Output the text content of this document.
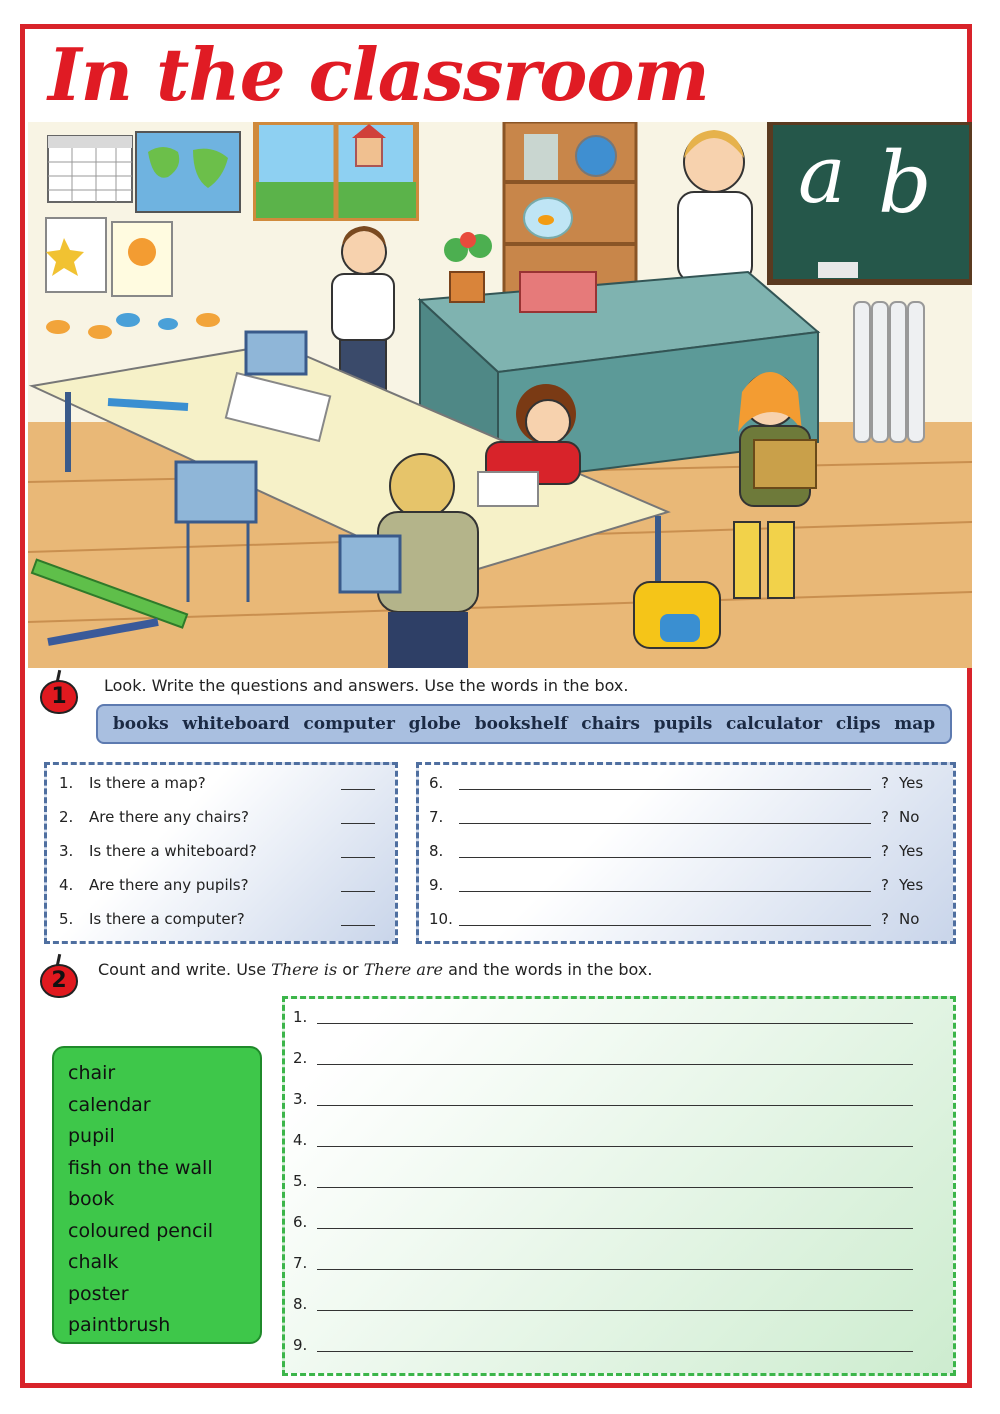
In the classroom
a b
1	Look. Write the questions and answers. Use the words in the box.
books whiteboard computer globe bookshelf chairs pupils calculator clips map
1.	Is there a map?
2.	Are there any chairs?
3.	Is there a whiteboard?
4.	Are there any pupils?
5.	Is there a computer?
6.	? Yes
7.	? No
8.	? Yes
9.	? Yes
10.	? No
2	Count and write. Use There is or There are and the words in the box.
chair
calendar
pupil
fish on the wall
book
coloured pencil
chalk
poster
paintbrush
1.
2.
3.
4.
5.
6.
7.
8.
9.
